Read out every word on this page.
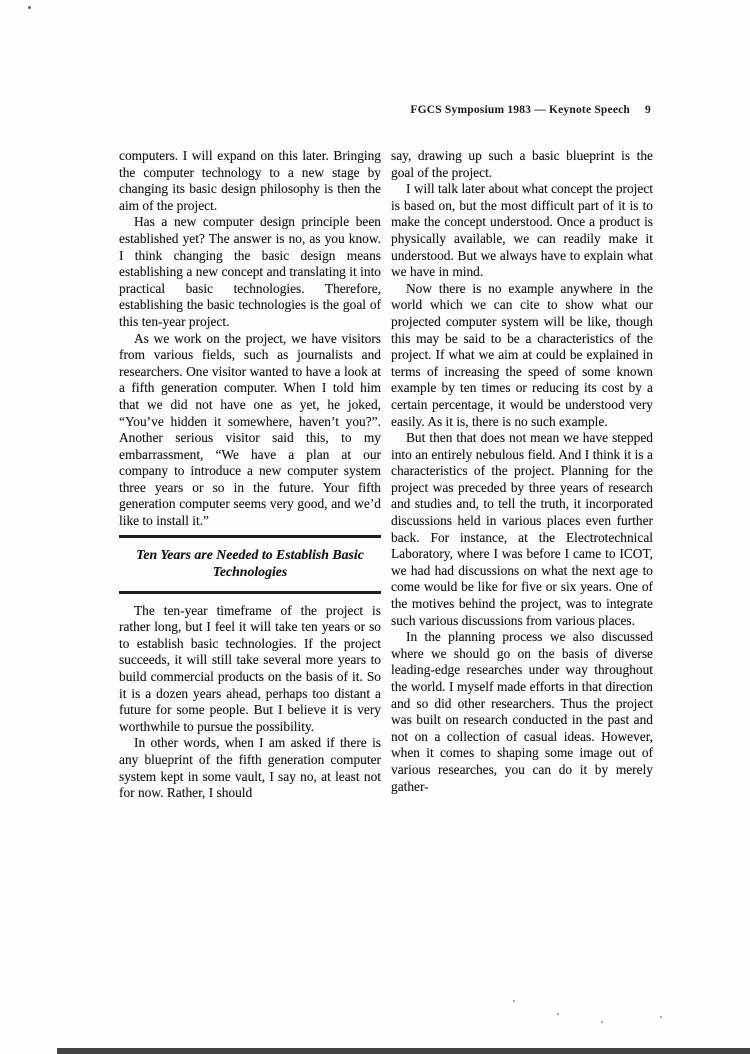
FGCS Symposium 1983 — Keynote Speech 9

computers. I will expand on this later. Bringing the computer technology to a new stage by changing its basic design philosophy is then the aim of the project.

Has a new computer design principle been established yet? The answer is no, as you know. I think changing the basic design means establishing a new concept and translating it into practical basic technologies. Therefore, establishing the basic technologies is the goal of this ten-year project.

As we work on the project, we have visitors from various fields, such as journalists and researchers. One visitor wanted to have a look at a fifth generation computer. When I told him that we did not have one as yet, he joked, “You’ve hidden it somewhere, haven’t you?”. Another serious visitor said this, to my embarrassment, “We have a plan at our company to introduce a new computer system three years or so in the future. Your fifth generation computer seems very good, and we’d like to install it.”

Ten Years are Needed to Establish Basic Technologies

The ten-year timeframe of the project is rather long, but I feel it will take ten years or so to establish basic technologies. If the project succeeds, it will still take several more years to build commercial products on the basis of it. So it is a dozen years ahead, perhaps too distant a future for some people. But I believe it is very worthwhile to pursue the possibility.

In other words, when I am asked if there is any blueprint of the fifth generation computer system kept in some vault, I say no, at least not for now. Rather, I should

say, drawing up such a basic blueprint is the goal of the project.

I will talk later about what concept the project is based on, but the most difficult part of it is to make the concept understood. Once a product is physically available, we can readily make it understood. But we always have to explain what we have in mind.

Now there is no example anywhere in the world which we can cite to show what our projected computer system will be like, though this may be said to be a characteristics of the project. If what we aim at could be explained in terms of increasing the speed of some known example by ten times or reducing its cost by a certain percentage, it would be understood very easily. As it is, there is no such example.

But then that does not mean we have stepped into an entirely nebulous field. And I think it is a characteristics of the project. Planning for the project was preceded by three years of research and studies and, to tell the truth, it incorporated discussions held in various places even further back. For instance, at the Electrotechnical Laboratory, where I was before I came to ICOT, we had had discussions on what the next age to come would be like for five or six years. One of the motives behind the project, was to integrate such various discussions from various places.

In the planning process we also discussed where we should go on the basis of diverse leading-edge researches under way throughout the world. I myself made efforts in that direction and so did other researchers. Thus the project was built on research conducted in the past and not on a collection of casual ideas. However, when it comes to shaping some image out of various researches, you can do it by merely gather-
